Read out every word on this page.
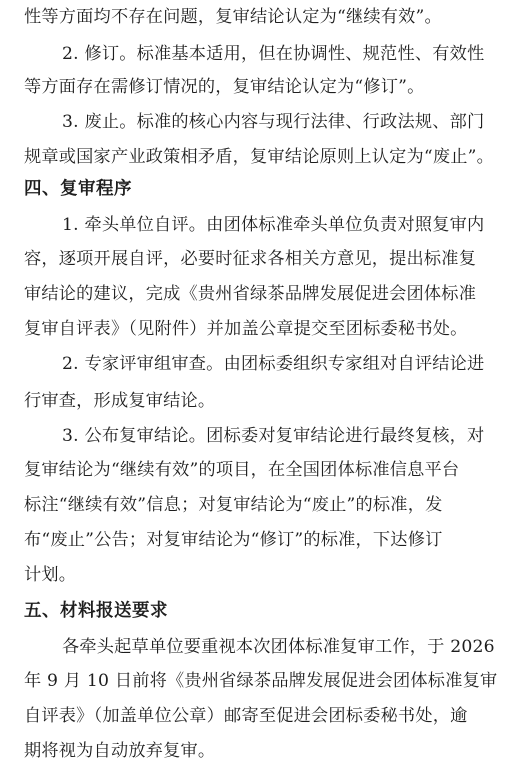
性等方面均不存在问题，复审结论认定为“继续有效”。
2. 修订。标准基本适用，但在协调性、规范性、有效性
等方面存在需修订情况的，复审结论认定为“修订”。
3. 废止。标准的核心内容与现行法律、行政法规、部门
规章或国家产业政策相矛盾，复审结论原则上认定为“废止”。
四、复审程序
1. 牵头单位自评。由团体标准牵头单位负责对照复审内
容，逐项开展自评，必要时征求各相关方意见，提出标准复
审结论的建议，完成《贵州省绿茶品牌发展促进会团体标准
复审自评表》（见附件）并加盖公章提交至团标委秘书处。
2. 专家评审组审查。由团标委组织专家组对自评结论进
行审查，形成复审结论。
3. 公布复审结论。团标委对复审结论进行最终复核，对
复审结论为“继续有效”的项目，在全国团体标准信息平台
标注“继续有效”信息；对复审结论为“废止”的标准，发
布“废止”公告；对复审结论为“修订”的标准，下达修订
计划。
五、材料报送要求
各牵头起草单位要重视本次团体标准复审工作，于 2026
年 9 月 10 日前将《贵州省绿茶品牌发展促进会团体标准复审
自评表》（加盖单位公章）邮寄至促进会团标委秘书处，逾
期将视为自动放弃复审。
